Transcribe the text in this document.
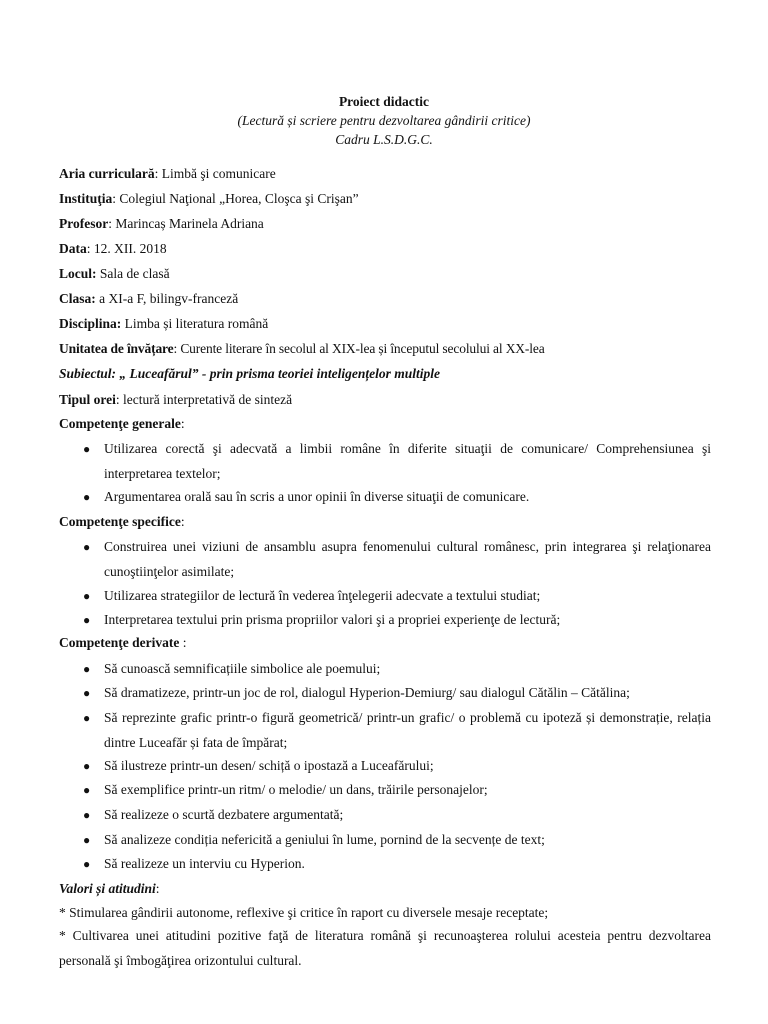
Proiect didactic
(Lectură și scriere pentru dezvoltarea gândirii critice)
Cadru L.S.D.G.C.
Aria curriculară: Limbă şi comunicare
Instituţia: Colegiul Naţional „Horea, Cloşca şi Crişan”
Profesor: Marincaș Marinela Adriana
Data: 12. XII. 2018
Locul: Sala de clasă
Clasa: a XI-a F, bilingv-franceză
Disciplina: Limba și literatura română
Unitatea de învățare: Curente literare în secolul al XIX-lea și începutul secolului al XX-lea
Subiectul: „ Luceafărul” - prin prisma teoriei inteligențelor multiple
Tipul orei: lectură interpretativă de sinteză
Competenţe generale:
● Utilizarea corectă şi adecvată a limbii române în diferite situaţii de comunicare/ Comprehensiunea şi interpretarea textelor;
● Argumentarea orală sau în scris a unor opinii în diverse situaţii de comunicare.
Competenţe specifice:
● Construirea unei viziuni de ansamblu asupra fenomenului cultural românesc, prin integrarea şi relaţionarea cunoştiinţelor asimilate;
● Utilizarea strategiilor de lectură în vederea înţelegerii adecvate a textului studiat;
● Interpretarea textului prin prisma propriilor valori şi a propriei experienţe de lectură;
Competenţe derivate :
● Să cunoască semnificațiile simbolice ale poemului;
● Să dramatizeze, printr-un joc de rol, dialogul Hyperion-Demiurg/ sau dialogul Cătălin – Cătălina;
● Să reprezinte grafic printr-o figură geometrică/ printr-un grafic/ o problemă cu ipoteză și demonstrație, relația dintre Luceafăr și fata de împărat;
● Să ilustreze printr-un desen/ schiță o ipostază a Luceafărului;
● Să exemplifice printr-un ritm/ o melodie/ un dans, trăirile personajelor;
● Să realizeze o scurtă dezbatere argumentată;
● Să analizeze condiția nefericită a geniului în lume, pornind de la secvențe de text;
● Să realizeze un interviu cu Hyperion.
Valori și atitudini:
* Stimularea gândirii autonome, reflexive şi critice în raport cu diversele mesaje receptate;
* Cultivarea unei atitudini pozitive faţă de literatura română şi recunoaşterea rolului acesteia pentru dezvoltarea personală şi îmbogăţirea orizontului cultural.
